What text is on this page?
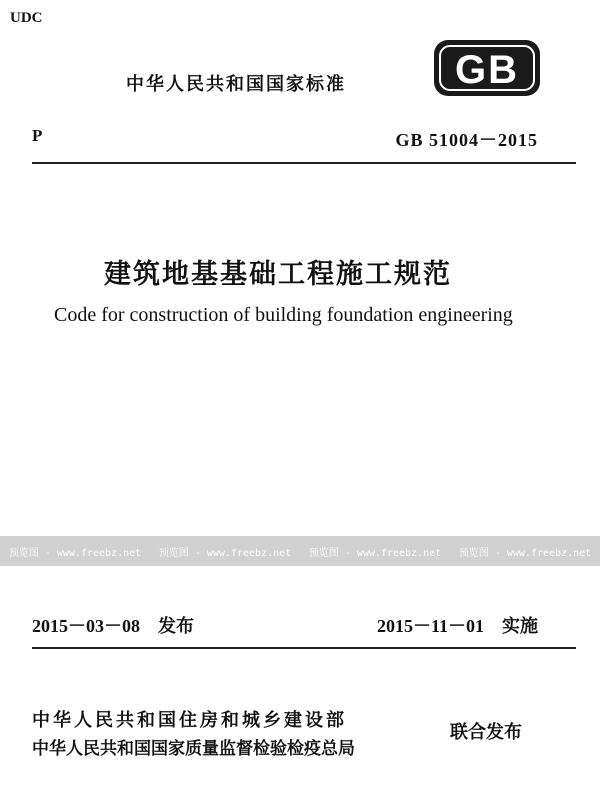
UDC
中华人民共和国国家标准	GB
P	GB 51004－2015
建筑地基基础工程施工规范
Code for construction of building foundation engineering
预览图 - www.freebz.net 预览图 - www.freebz.net 预览图 - www.freebz.net 预览图 - www.freebz.net
2015－03－08　发布	2015－11－01　实施
中华人民共和国住房和城乡建设部
中华人民共和国国家质量监督检验检疫总局
联合发布
